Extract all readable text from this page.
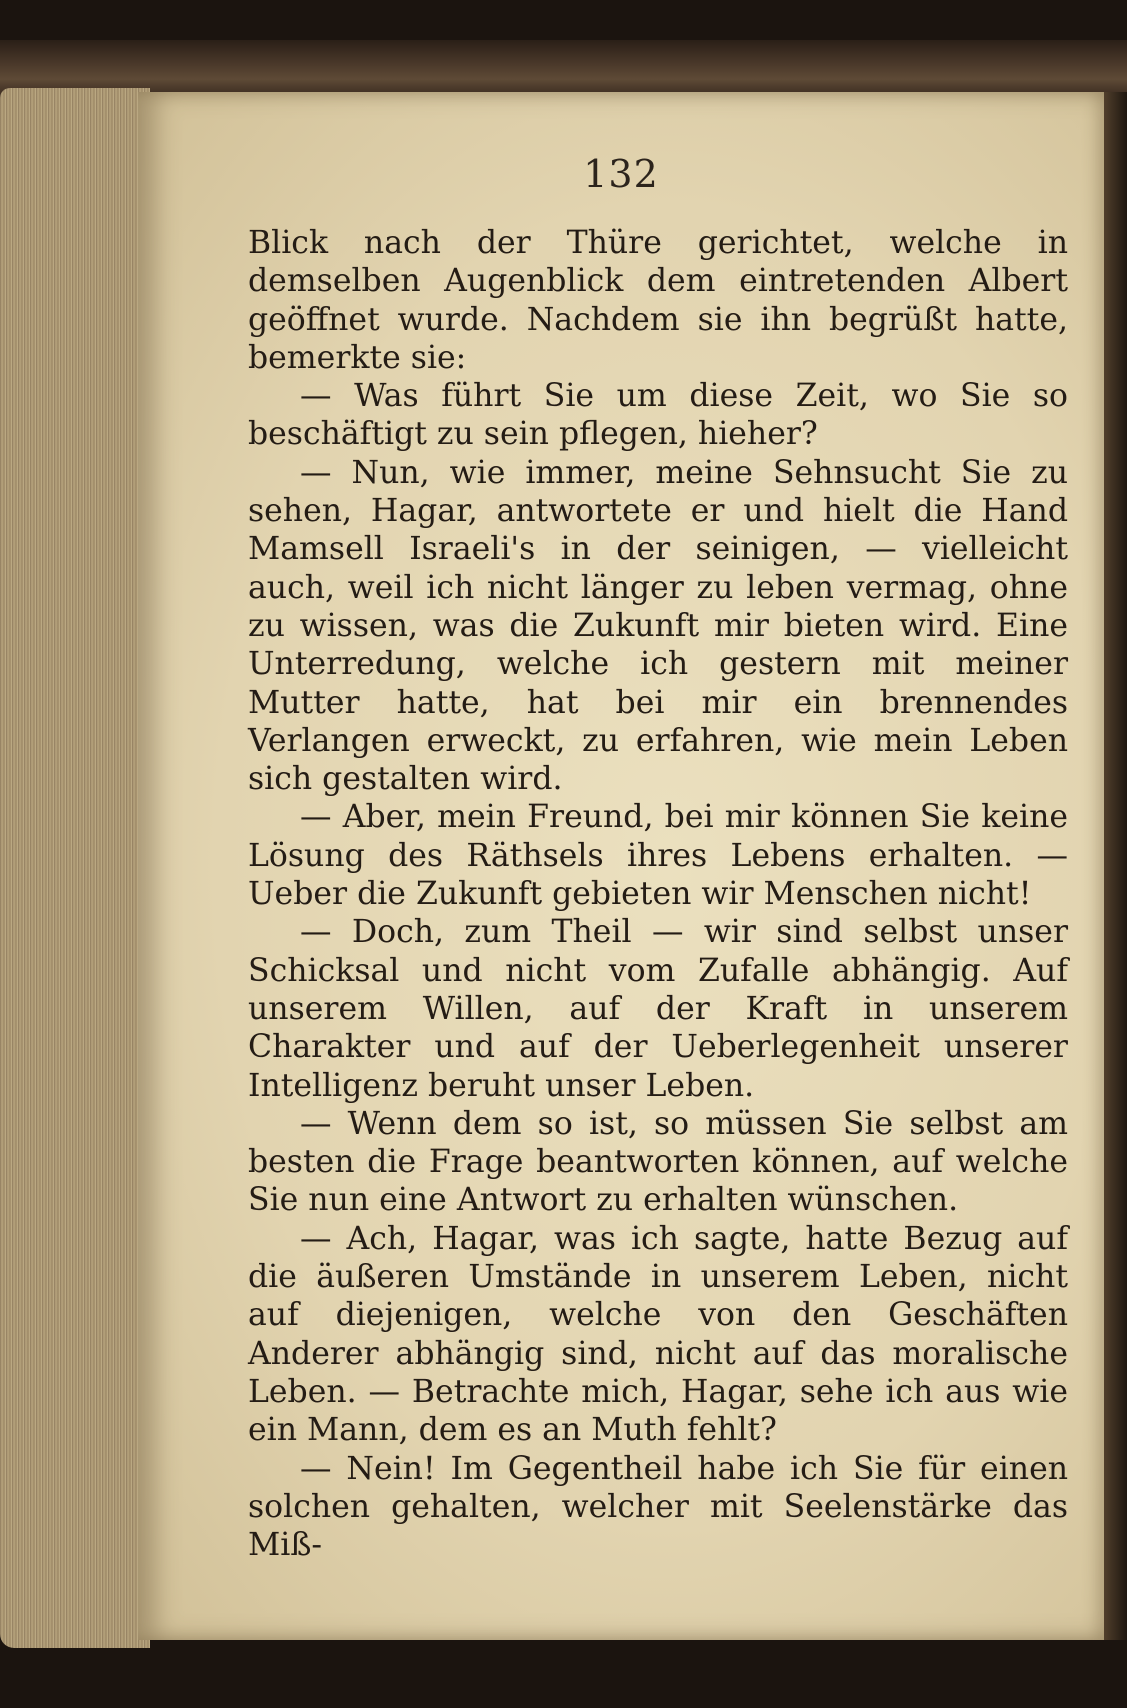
132

Blick nach der Thüre gerichtet, welche in demselben Augenblick dem eintretenden Albert geöffnet wurde. Nachdem sie ihn begrüßt hatte, bemerkte sie:

— Was führt Sie um diese Zeit, wo Sie so beschäftigt zu sein pflegen, hieher?

— Nun, wie immer, meine Sehnsucht Sie zu sehen, Hagar, antwortete er und hielt die Hand Mamsell Israeli's in der seinigen, — vielleicht auch, weil ich nicht länger zu leben vermag, ohne zu wissen, was die Zukunft mir bieten wird. Eine Unterredung, welche ich gestern mit meiner Mutter hatte, hat bei mir ein brennendes Verlangen erweckt, zu erfahren, wie mein Leben sich gestalten wird.

— Aber, mein Freund, bei mir können Sie keine Lösung des Räthsels ihres Lebens erhalten. — Ueber die Zukunft gebieten wir Menschen nicht!

— Doch, zum Theil — wir sind selbst unser Schicksal und nicht vom Zufalle abhängig. Auf unserem Willen, auf der Kraft in unserem Charakter und auf der Ueberlegenheit unserer Intelligenz beruht unser Leben.

— Wenn dem so ist, so müssen Sie selbst am besten die Frage beantworten können, auf welche Sie nun eine Antwort zu erhalten wünschen.

— Ach, Hagar, was ich sagte, hatte Bezug auf die äußeren Umstände in unserem Leben, nicht auf diejenigen, welche von den Geschäften Anderer abhängig sind, nicht auf das moralische Leben. — Betrachte mich, Hagar, sehe ich aus wie ein Mann, dem es an Muth fehlt?

— Nein! Im Gegentheil habe ich Sie für einen solchen gehalten, welcher mit Seelenstärke das Miß-
